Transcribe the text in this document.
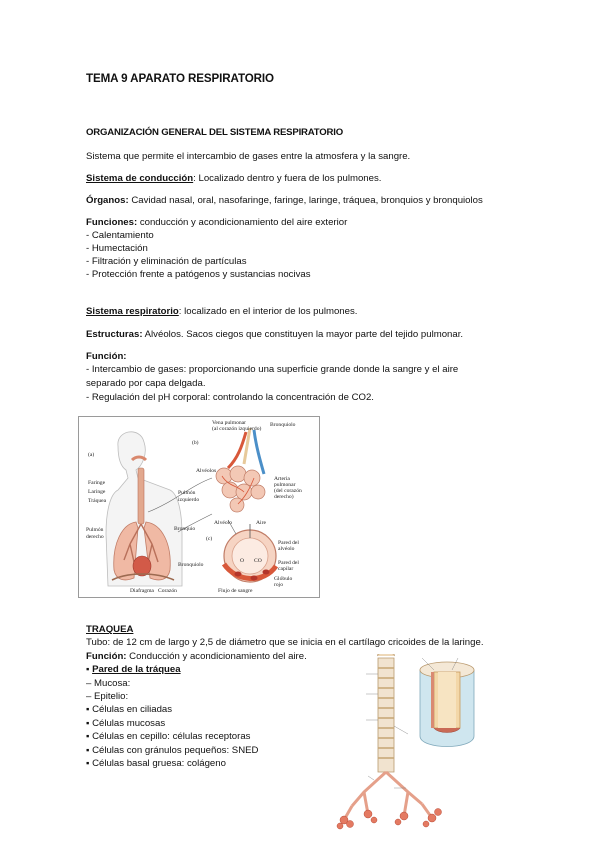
TEMA 9 APARATO RESPIRATORIO
ORGANIZACIÓN GENERAL DEL SISTEMA RESPIRATORIO
Sistema que permite el intercambio de gases entre la atmosfera y la sangre.
Sistema de conducción: Localizado dentro y fuera de los pulmones.
Órganos: Cavidad nasal, oral, nasofaringe, faringe, laringe, tráquea, bronquios y bronquiolos
Funciones: conducción y acondicionamiento del aire exterior
- Calentamiento
- Humectación
- Filtración y eliminación de partículas
- Protección frente a patógenos y sustancias nocivas
Sistema respiratorio: localizado en el interior de los pulmones.
Estructuras: Alvéolos. Sacos ciegos que constituyen la mayor parte del tejido pulmonar.
Función:
- Intercambio de gases: proporcionando una superficie grande donde la sangre y el aire
separado por capa delgada.
- Regulación del pH corporal: controlando la concentración de CO2.
(a)
Faringe
Laringe
Tráquea
Pulmón
derecho
Pulmón
izquierdo
Bronquio
Bronquiolo
Diafragma Corazón
Vena pulmonar
(al corazón izquierdo)
Bronquiolo
(b)
Alvéolos
Arteria
pulmonar
(del corazón
derecho)
Alvéolo	Aire
(c)
Pared del
alvéolo
Pared del
capilar
Glóbulo
rojo
Flujo de sangre
O CO
TRAQUEA
Tubo: de 12 cm de largo y 2,5 de diámetro que se inicia en el cartílago cricoides de la laringe.
Función: Conducción y acondicionamiento del aire.
▪ Pared de la tráquea
– Mucosa:
– Epitelio:
▪ Células en ciliadas
▪ Células mucosas
▪ Células en cepillo: células receptoras
▪ Células con gránulos pequeños: SNED
▪ Células basal gruesa: colágeno
